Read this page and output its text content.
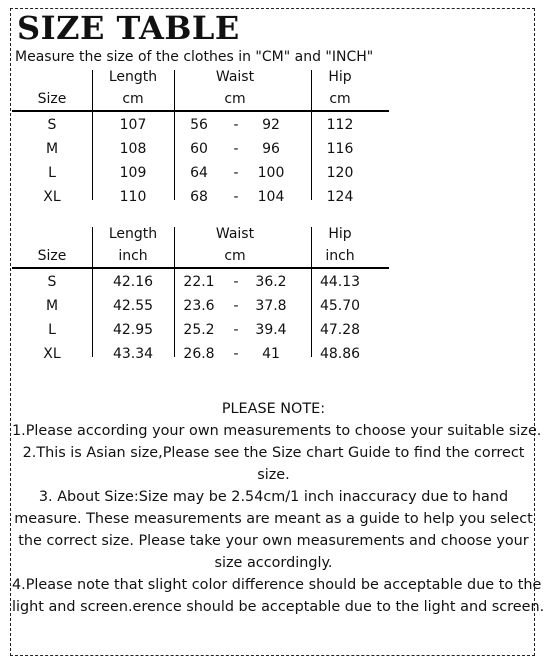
SIZE TABLE
Measure the size of the clothes in "CM" and "INCH"
Length	Waist	Hip
Size	cm	cm	cm
S	107	56	-	92	112
M	108	60	-	96	116
L	109	64	-	100	120
XL	110	68	-	104	124
Length	Waist	Hip
Size	inch	cm	inch
S	42.16	22.1	-	36.2	44.13
M	42.55	23.6	-	37.8	45.70
L	42.95	25.2	-	39.4	47.28
XL	43.34	26.8	-	41	48.86
PLEASE NOTE:
1.Please according your own measurements to choose your suitable size.
2.This is Asian size,Please see the Size chart Guide to find the correct
size.
3. About Size:Size may be 2.54cm/1 inch inaccuracy due to hand
measure. These measurements are meant as a guide to help you select
the correct size. Please take your own measurements and choose your
size accordingly.
4.Please note that slight color difference should be acceptable due to the
light and screen.erence should be acceptable due to the light and screen.
